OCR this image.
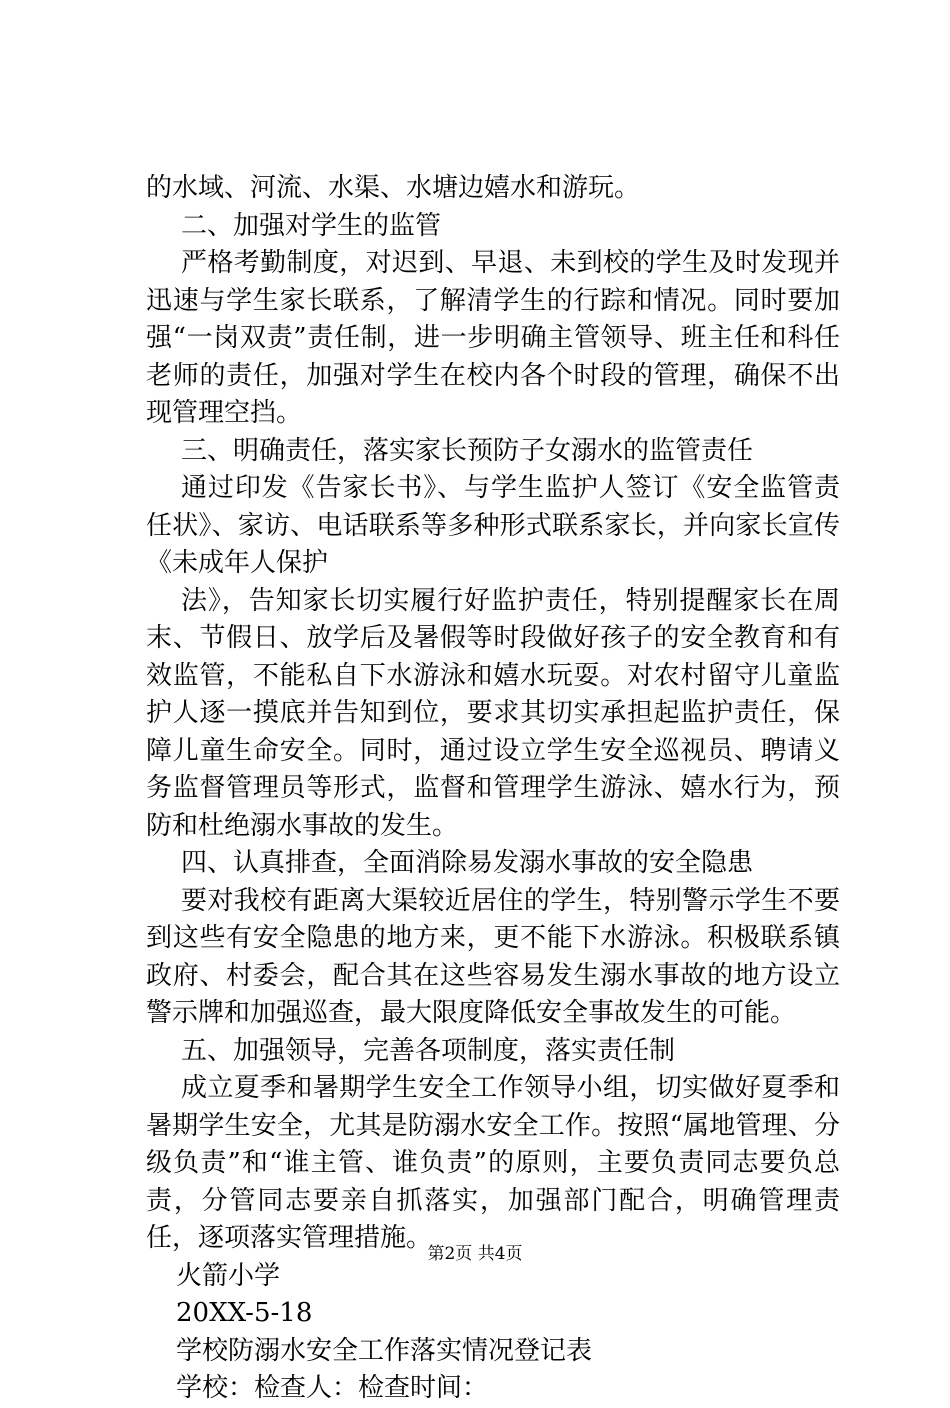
的水域、河流、水渠、水塘边嬉水和游玩。

二、加强对学生的监管

严格考勤制度，对迟到、早退、未到校的学生及时发现并迅速与学生家长联系，了解清学生的行踪和情况。同时要加强“一岗双责”责任制，进一步明确主管领导、班主任和科任老师的责任，加强对学生在校内各个时段的管理，确保不出现管理空挡。

三、明确责任，落实家长预防子女溺水的监管责任

通过印发《告家长书》、与学生监护人签订《安全监管责任状》、家访、电话联系等多种形式联系家长，并向家长宣传《未成年人保护

法》，告知家长切实履行好监护责任，特别提醒家长在周末、节假日、放学后及暑假等时段做好孩子的安全教育和有效监管，不能私自下水游泳和嬉水玩耍。对农村留守儿童监护人逐一摸底并告知到位，要求其切实承担起监护责任，保障儿童生命安全。同时，通过设立学生安全巡视员、聘请义务监督管理员等形式，监督和管理学生游泳、嬉水行为，预防和杜绝溺水事故的发生。

四、认真排查，全面消除易发溺水事故的安全隐患

要对我校有距离大渠较近居住的学生，特别警示学生不要到这些有安全隐患的地方来，更不能下水游泳。积极联系镇政府、村委会，配合其在这些容易发生溺水事故的地方设立警示牌和加强巡查，最大限度降低安全事故发生的可能。

五、加强领导，完善各项制度，落实责任制

成立夏季和暑期学生安全工作领导小组，切实做好夏季和暑期学生安全，尤其是防溺水安全工作。按照“属地管理、分级负责”和“谁主管、谁负责”的原则，主要负责同志要负总责，分管同志要亲自抓落实，加强部门配合，明确管理责任，逐项落实管理措施。

火箭小学

20XX-5-18

学校防溺水安全工作落实情况登记表

学校：检查人：检查时间：

第2页 共4页
